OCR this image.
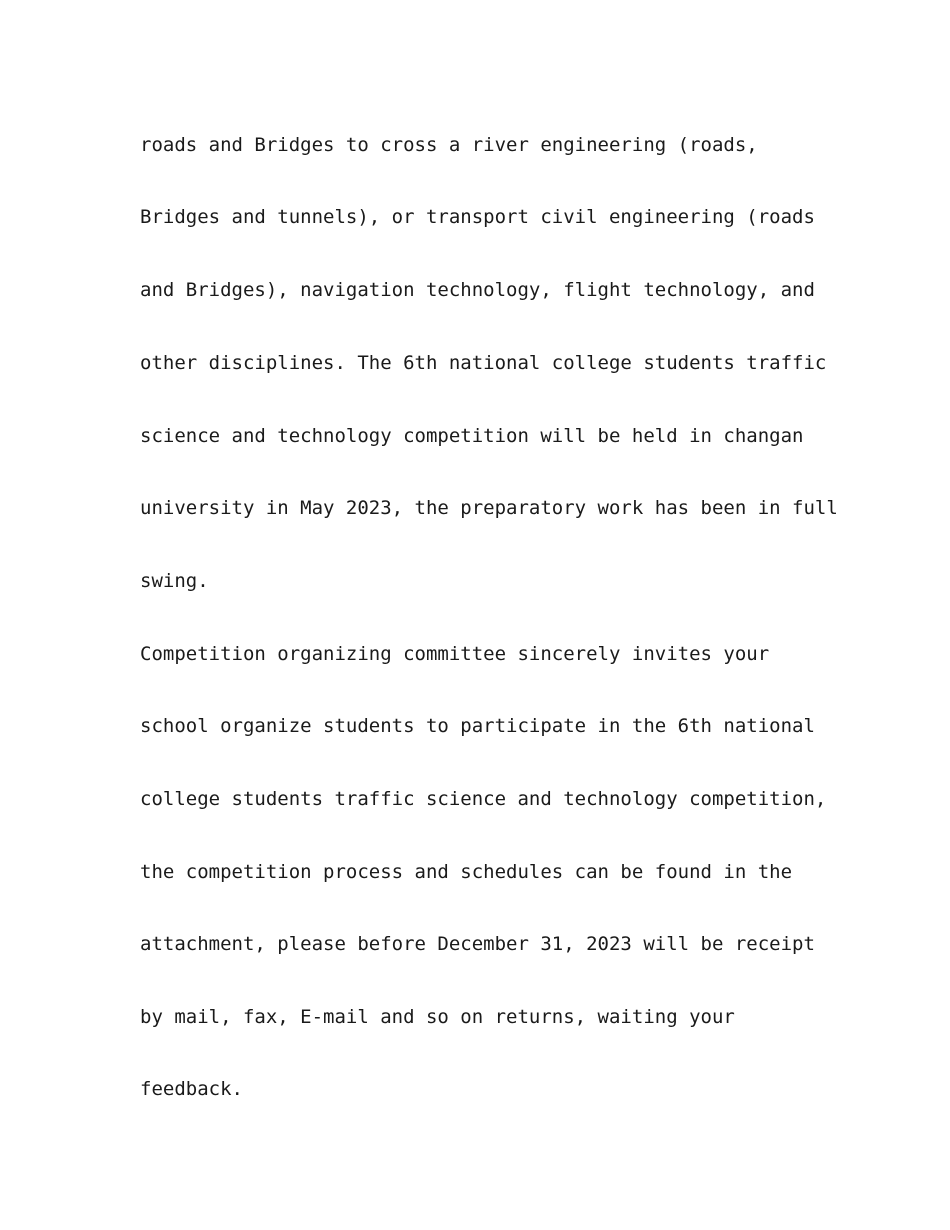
roads and Bridges to cross a river engineering (roads,

Bridges and tunnels), or transport civil engineering (roads

and Bridges), navigation technology, flight technology, and

other disciplines. The 6th national college students traffic

science and technology competition will be held in changan

university in May 2023, the preparatory work has been in full

swing.

Competition organizing committee sincerely invites your

school organize students to participate in the 6th national

college students traffic science and technology competition,

the competition process and schedules can be found in the

attachment, please before December 31, 2023 will be receipt

by mail, fax, E-mail and so on returns, waiting your

feedback.
